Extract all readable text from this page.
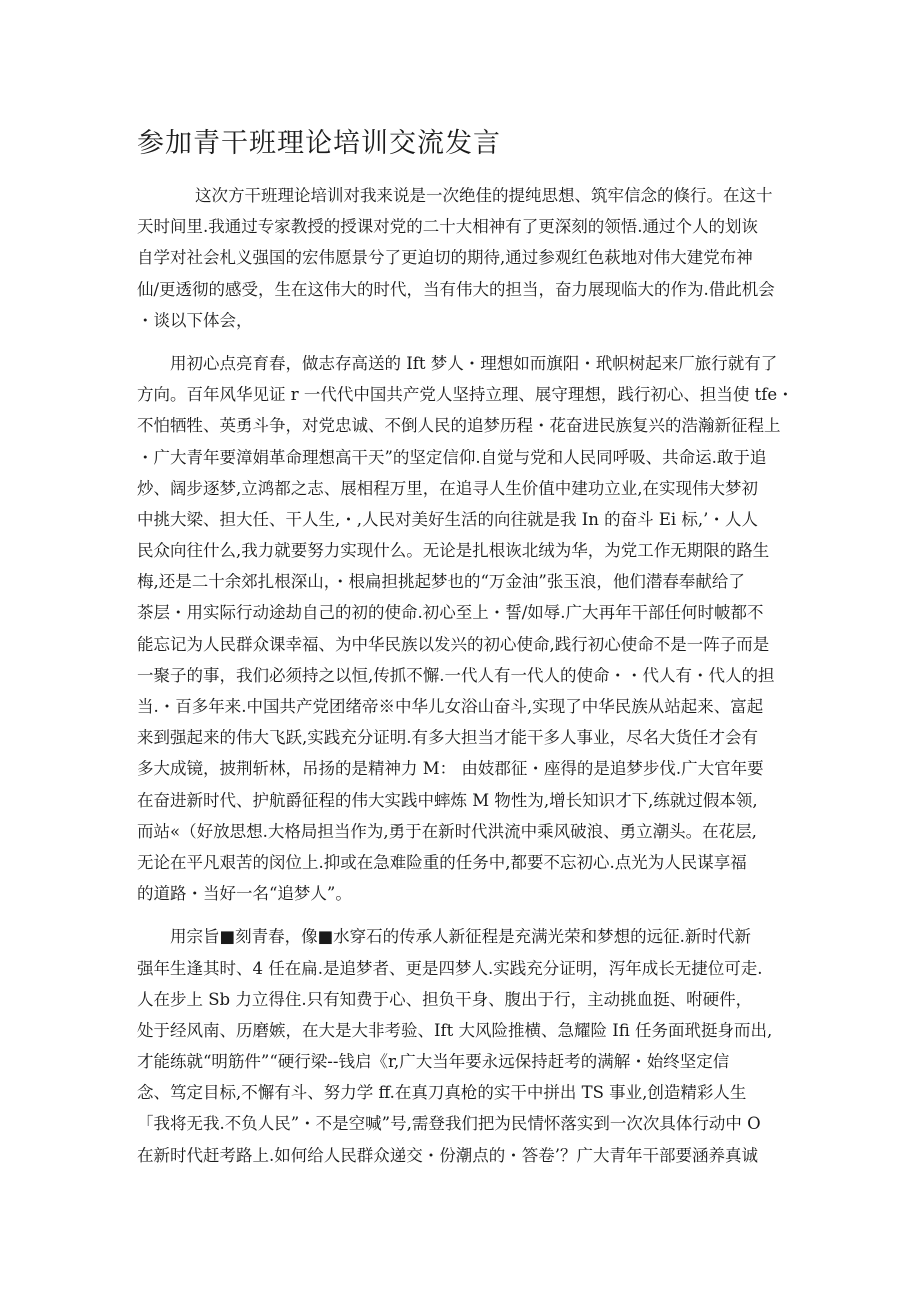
参加青干班理论培训交流发言

这次方干班理论培训对我来说是一次绝佳的提纯思想、筑牢信念的倏行。在这十
天时间里.我通过专家教授的授课对党的二十大相神有了更深刻的领悟.通过个人的划诙
自学对社会札义强国的宏伟愿景兮了更迫切的期待,通过参观红色萩地对伟大建党布神
仙/更透彻的感受，生在这伟大的时代，当有伟大的担当，奋力展现临大的作为.借此机会
・谈以下体会，

用初心点亮育春，做志存高送的 Ift 梦人・理想如而旗阳・玳帜树起来厂旅行就有了
方向。百年风华见证 r 一代代中国共产党人坚持立理、展守理想，践行初心、担当使 tfe・
不怕牺牲、英勇斗争，对党忠诚、不倒人民的追梦历程・花奋进民族复兴的浩瀚新征程上
・广大青年要漳娟革命理想高干天”的坚定信仰.自觉与党和人民同呼吸、共命运.敢于追
炒、阔步逐梦,立鸿都之志、展相程万里，在追寻人生价值中建功立业,在实现伟大梦初
中挑大梁、担大任、干人生,・,人民对美好生活的向往就是我 In 的奋斗 Ei 标,’・人人
民众向往什么,我力就要努力实现什么。无论是扎根诙北绒为华，为党工作无期限的路生
梅,还是二十余郊扎根深山，・根扁担挑起梦也的“万金油”张玉浪，他们潜春奉献给了
茶层・用实际行动途劫自己的初的使命.初心至上・誓/如辱.广大再年干部任何时帔都不
能忘记为人民群众课幸福、为中华民族以发兴的初心使命,践行初心使命不是一阵子而是
一聚子的事，我们必须持之以恒,传抓不懈.一代人有一代人的使命・・代人有・代人的担
当.・百多年来.中国共产党团绪帝※中华儿女浴山奋斗,实现了中华民族从站起来、富起
来到强起来的伟大飞跃,实践充分证明.有多大担当才能干多人事业，尽名大货任才会有
多大成镜，披荆斩林，吊扬的是精神力 M： 由妓郡征・座得的是追梦步伐.广大官年要
在奋进新时代、护航爵征程的伟大实践中蟀炼 M 物性为,增长知识才下,练就过假本领,
而站«（好放思想.大格局担当作为,勇于在新时代洪流中乘风破浪、勇立潮头。在花层,
无论在平凡艰苦的闵位上.抑或在急难险重的任务中,都要不忘初心.点光为人民谋享福
的道路・当好一名“追梦人”。

用宗旨■刻青春，像■水穿石的传承人新征程是充满光荣和梦想的远征.新时代新
强年生逢其时、4 任在扁.是追梦者、更是四梦人.实践充分证明，泻年成长无捷位可走.
人在步上 Sb 力立得住.只有知费于心、担负干身、腹出于行，主动挑血挺、咐硬件，
处于经风南、历磨嫉，在大是大非考验、Ift 大风险推横、急耀险 Ifi 任务面玳挺身而出,
才能练就“明筋件”“硬行梁--钱启《r,广大当年要永远保持赶考的满解・始终坚定信
念、笃定目标,不懈有斗、努力学 ff.在真刀真枪的实干中拼出 TS 事业,创造精彩人生
「我将无我.不负人民”・不是空喊”号,需登我们把为民情怀落实到一次次具体行动中 O
在新时代赶考路上.如何给人民群众递交・份潮点的・答卷’？广大青年干部要涵养真诚
